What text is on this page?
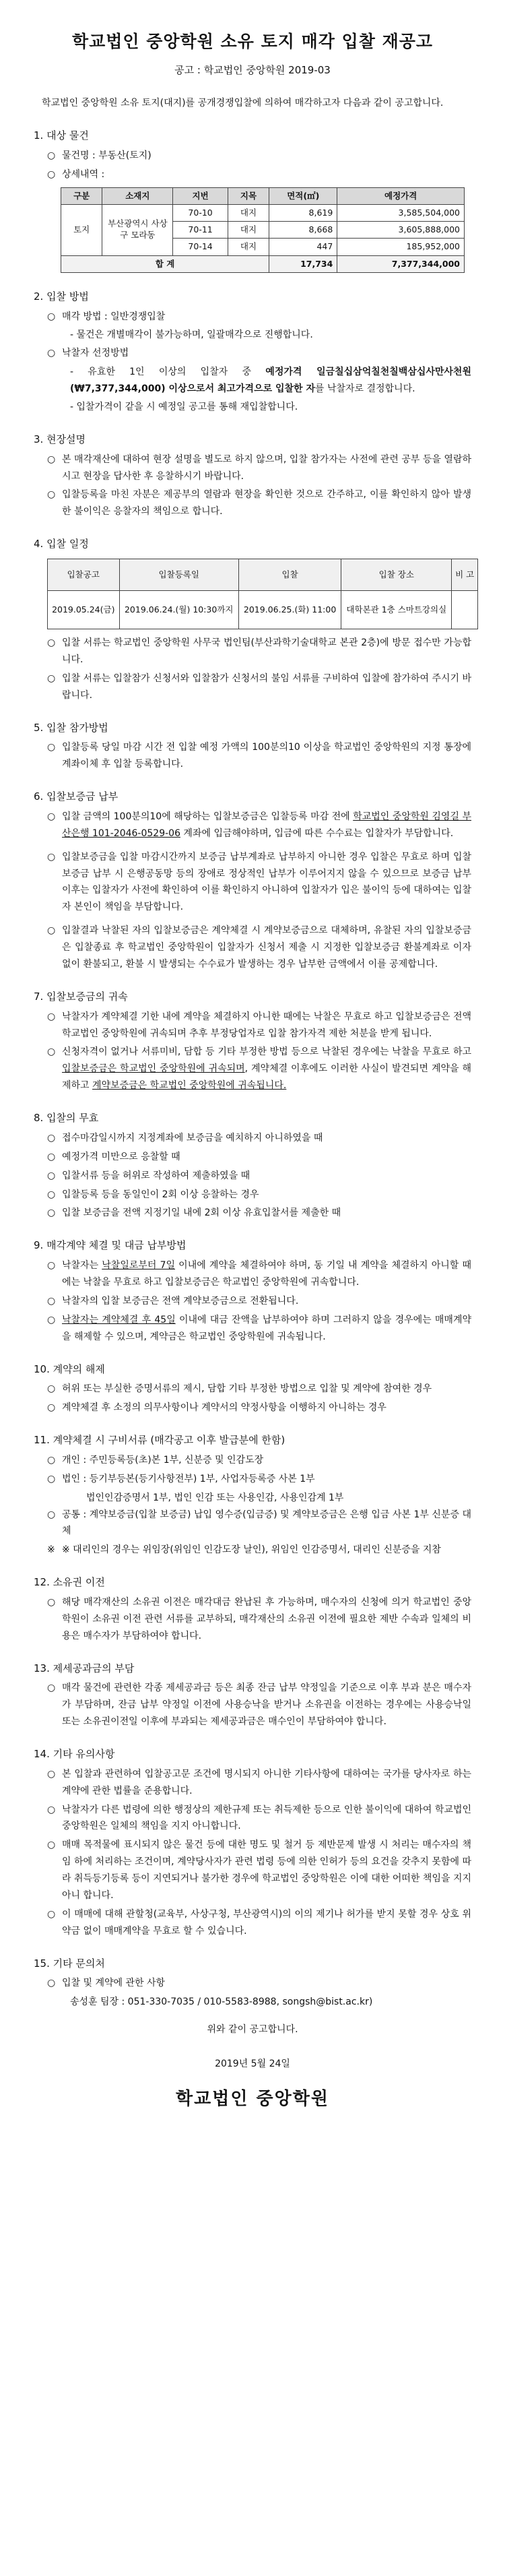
학교법인 중앙학원 소유 토지 매각 입찰 재공고
공고 : 학교법인 중앙학원 2019-03
학교법인 중앙학원 소유 토지(대지)를 공개경쟁입찰에 의하여 매각하고자 다음과 같이 공고합니다.
1. 대상 물건
○ 물건명 : 부동산(토지)
○ 상세내역 :
구분	소재지	지번	지목	면적(㎡)	예정가격
토지	부산광역시 사상구 모라동	70-10	대지	8,619	3,585,504,000
		70-11	대지	8,668	3,605,888,000
		70-14	대지	447	185,952,000
합 계				17,734	7,377,344,000
2. 입찰 방법
○ 매각 방법 : 일반경쟁입찰
- 물건은 개별매각이 불가능하며, 일괄매각으로 진행합니다.
○ 낙찰자 선정방법
- 유효한 1인 이상의 입찰자 중 예정가격 일금칠십삼억칠천칠백삼십사만사천원(₩7,377,344,000) 이상으로서 최고가격으로 입찰한 자를 낙찰자로 결정합니다.
- 입찰가격이 같을 시 예정일 공고를 통해 재입찰합니다.
3. 현장설명
○ 본 매각재산에 대하여 현장 설명을 별도로 하지 않으며, 입찰 참가자는 사전에 관련 공부 등을 열람하시고 현장을 답사한 후 응찰하시기 바랍니다.
○ 입찰등록을 마친 자분은 제공부의 열람과 현장을 확인한 것으로 간주하고, 이를 확인하지 않아 발생한 불이익은 응찰자의 책임으로 합니다.
4. 입찰 일정
입찰공고	입찰등록일	입찰	입찰 장소	비 고
2019.05.24(금)	2019.06.24.(월) 10:30까지	2019.06.25.(화) 11:00	대학본관 1층 스마트강의실	
○ 입찰 서류는 학교법인 중앙학원 사무국 법인팀(부산과학기술대학교 본관 2층)에 방문 접수만 가능합니다.
○ 입찰 서류는 입찰참가 신청서와 입찰참가 신청서의 불임 서류를 구비하여 입찰에 참가하여 주시기 바랍니다.
5. 입찰 참가방법
○ 입찰등록 당일 마감 시간 전 입찰 예정 가액의 100분의10 이상을 학교법인 중앙학원의 지정 통장에 계좌이체 후 입찰 등록합니다.
6. 입찰보증금 납부
○ 입찰 금액의 100분의10에 해당하는 입찰보증금은 입찰등록 마감 전에 학교법인 중앙학원 김영길 부산은행 101-2046-0529-06 계좌에 입금해야하며, 입금에 따른 수수료는 입찰자가 부담합니다.
○ 입찰보증금을 입찰 마감시간까지 보증금 납부계좌로 납부하지 아니한 경우 입찰은 무효로 하며 입찰보증금 납부 시 은행공동망 등의 장애로 정상적인 납부가 이루어지지 않을 수 있으므로 보증금 납부 이후는 입찰자가 사전에 확인하여 이를 확인하지 아니하여 입찰자가 입은 불이익 등에 대하여는 입찰자 본인이 책임을 부담합니다.
○ 입찰결과 낙찰된 자의 입찰보증금은 계약체결 시 계약보증금으로 대체하며, 유찰된 자의 입찰보증금은 입찰종료 후 학교법인 중앙학원이 입찰자가 신청서 제출 시 지정한 입찰보증금 환불계좌로 이자 없이 환불되고, 환불 시 발생되는 수수료가 발생하는 경우 납부한 금액에서 이를 공제합니다.
7. 입찰보증금의 귀속
○ 낙찰자가 계약체결 기한 내에 계약을 체결하지 아니한 때에는 낙찰은 무효로 하고 입찰보증금은 전액 학교법인 중앙학원에 귀속되며 추후 부정당업자로 입찰 참가자격 제한 처분을 받게 됩니다.
○ 신청자격이 없거나 서류미비, 담합 등 기타 부정한 방법 등으로 낙찰된 경우에는 낙찰을 무효로 하고 입찰보증금은 학교법인 중앙학원에 귀속되며, 계약체결 이후에도 이러한 사실이 발견되면 계약을 해제하고 계약보증금은 학교법인 중앙학원에 귀속됩니다.
8. 입찰의 무효
○ 접수마감일시까지 지정계좌에 보증금을 예치하지 아니하였을 때
○ 예정가격 미만으로 응찰할 때
○ 입찰서류 등을 허위로 작성하여 제출하였을 때
○ 입찰등록 등을 동일인이 2회 이상 응찰하는 경우
○ 입찰 보증금을 전액 지정기일 내에 2회 이상 유효입찰서를 제출한 때
9. 매각계약 체결 및 대금 납부방법
○ 낙찰자는 낙찰일로부터 7일 이내에 계약을 체결하여야 하며, 동 기일 내 계약을 체결하지 아니할 때에는 낙찰을 무효로 하고 입찰보증금은 학교법인 중앙학원에 귀속합니다.
○ 낙찰자의 입찰 보증금은 전액 계약보증금으로 전환됩니다.
○ 낙찰자는 계약체결 후 45일 이내에 대금 잔액을 납부하여야 하며 그러하지 않을 경우에는 매매계약을 해제할 수 있으며, 계약금은 학교법인 중앙학원에 귀속됩니다.
10. 계약의 해제
○ 허위 또는 부실한 증명서류의 제시, 담합 기타 부정한 방법으로 입찰 및 계약에 참여한 경우
○ 계약체결 후 소정의 의무사항이나 계약서의 약정사항을 이행하지 아니하는 경우
11. 계약체결 시 구비서류 (매각공고 이후 발급분에 한함)
○ 개인 : 주민등록등(초)본 1부, 신분증 및 인감도장
○ 법인 : 등기부등본(등기사항전부) 1부, 사업자등록증 사본 1부
법인인감증명서 1부, 법인 인감 또는 사용인감, 사용인감계 1부
○ 공통 : 계약보증금(입찰 보증금) 납입 영수증(입금증) 및 계약보증금은 은행 입금 사본 1부 신분증 대체
※ ※ 대리인의 경우는 위임장(위임인 인감도장 날인), 위임인 인감증명서, 대리인 신분증을 지참
12. 소유권 이전
○ 해당 매각재산의 소유권 이전은 매각대금 완납된 후 가능하며, 매수자의 신청에 의거 학교법인 중앙학원이 소유권 이전 관련 서류를 교부하되, 매각재산의 소유권 이전에 필요한 제반 수속과 일체의 비용은 매수자가 부담하여야 합니다.
13. 제세공과금의 부담
○ 매각 물건에 관련한 각종 제세공과금 등은 최종 잔금 납부 약정일을 기준으로 이후 부과 분은 매수자가 부담하며, 잔금 납부 약정일 이전에 사용승낙을 받거나 소유권을 이전하는 경우에는 사용승낙일 또는 소유권이전일 이후에 부과되는 제세공과금은 매수인이 부담하여야 합니다.
14. 기타 유의사항
○ 본 입찰과 관련하여 입찰공고문 조건에 명시되지 아니한 기타사항에 대하여는 국가를 당사자로 하는 계약에 관한 법률을 준용합니다.
○ 낙찰자가 다른 법령에 의한 행정상의 제한규제 또는 취득제한 등으로 인한 불이익에 대하여 학교법인 중앙학원은 일체의 책임을 지지 아니합니다.
○ 매매 목적물에 표시되지 않은 물건 등에 대한 명도 및 철거 등 제반문제 발생 시 처리는 매수자의 책임 하에 처리하는 조건이며, 계약당사자가 관련 법령 등에 의한 인허가 등의 요건을 갖추지 못함에 따라 취득등기등록 등이 지연되거나 불가한 경우에 학교법인 중앙학원은 이에 대한 어떠한 책임을 지지 아니 합니다.
○ 이 매매에 대해 관할청(교육부, 사상구청, 부산광역시)의 이의 제기나 허가를 받지 못할 경우 상호 위약금 없이 매매계약을 무효로 할 수 있습니다.
15. 기타 문의처
○ 입찰 및 계약에 관한 사항
송성훈 팀장 : 051-330-7035 / 010-5583-8988, songsh@bist.ac.kr)
위와 같이 공고합니다.
2019년 5월 24일
학교법인 중앙학원
